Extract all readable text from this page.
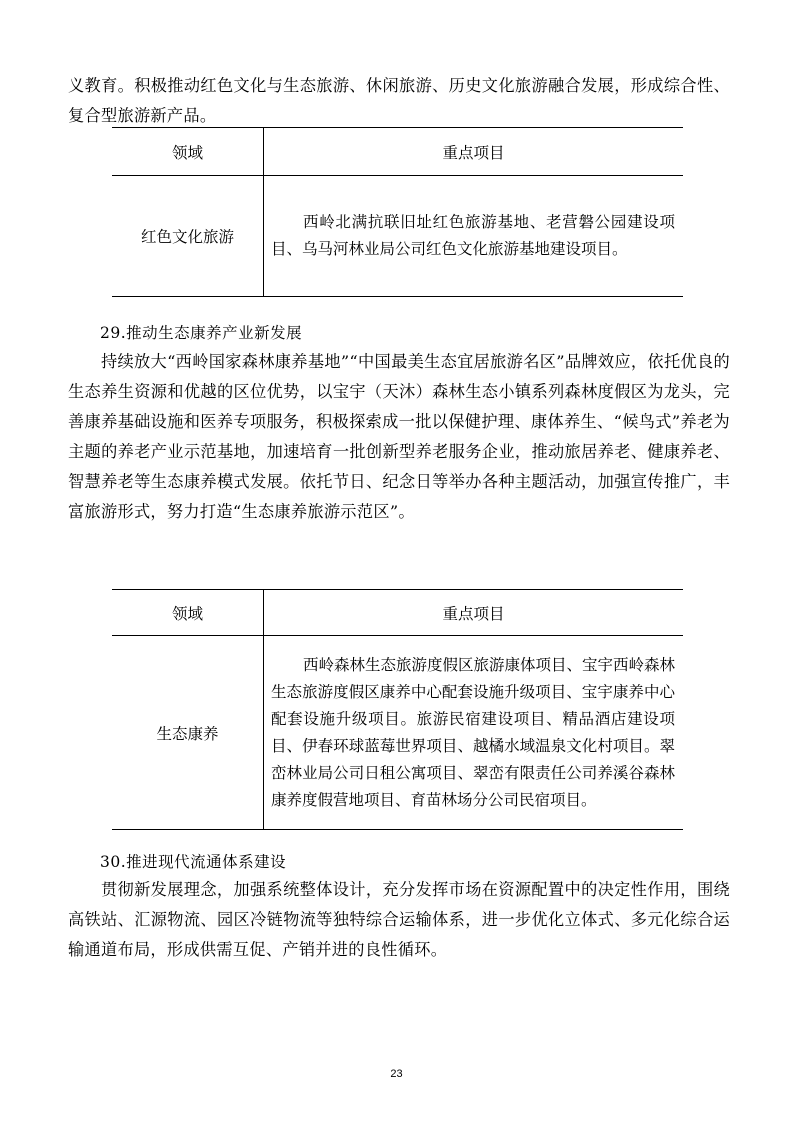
义教育。积极推动红色文化与生态旅游、休闲旅游、历史文化旅游融合发展，形成综合性、复合型旅游新产品。

领域	重点项目
红色文化旅游	西岭北满抗联旧址红色旅游基地、老营磐公园建设项目、乌马河林业局公司红色文化旅游基地建设项目。

29.推动生态康养产业新发展

持续放大“西岭国家森林康养基地”“中国最美生态宜居旅游名区”品牌效应，依托优良的生态养生资源和优越的区位优势，以宝宇（天沐）森林生态小镇系列森林度假区为龙头，完善康养基础设施和医养专项服务，积极探索成一批以保健护理、康体养生、“候鸟式”养老为主题的养老产业示范基地，加速培育一批创新型养老服务企业，推动旅居养老、健康养老、智慧养老等生态康养模式发展。依托节日、纪念日等举办各种主题活动，加强宣传推广，丰富旅游形式，努力打造“生态康养旅游示范区”。

领域	重点项目
生态康养	西岭森林生态旅游度假区旅游康体项目、宝宇西岭森林生态旅游度假区康养中心配套设施升级项目、宝宇康养中心配套设施升级项目。旅游民宿建设项目、精品酒店建设项目、伊春环球蓝莓世界项目、越橘水域温泉文化村项目。翠峦林业局公司日租公寓项目、翠峦有限责任公司养溪谷森林康养度假营地项目、育苗林场分公司民宿项目。

30.推进现代流通体系建设

贯彻新发展理念，加强系统整体设计，充分发挥市场在资源配置中的决定性作用，围绕高铁站、汇源物流、园区冷链物流等独特综合运输体系，进一步优化立体式、多元化综合运输通道布局，形成供需互促、产销并进的良性循环。

23
